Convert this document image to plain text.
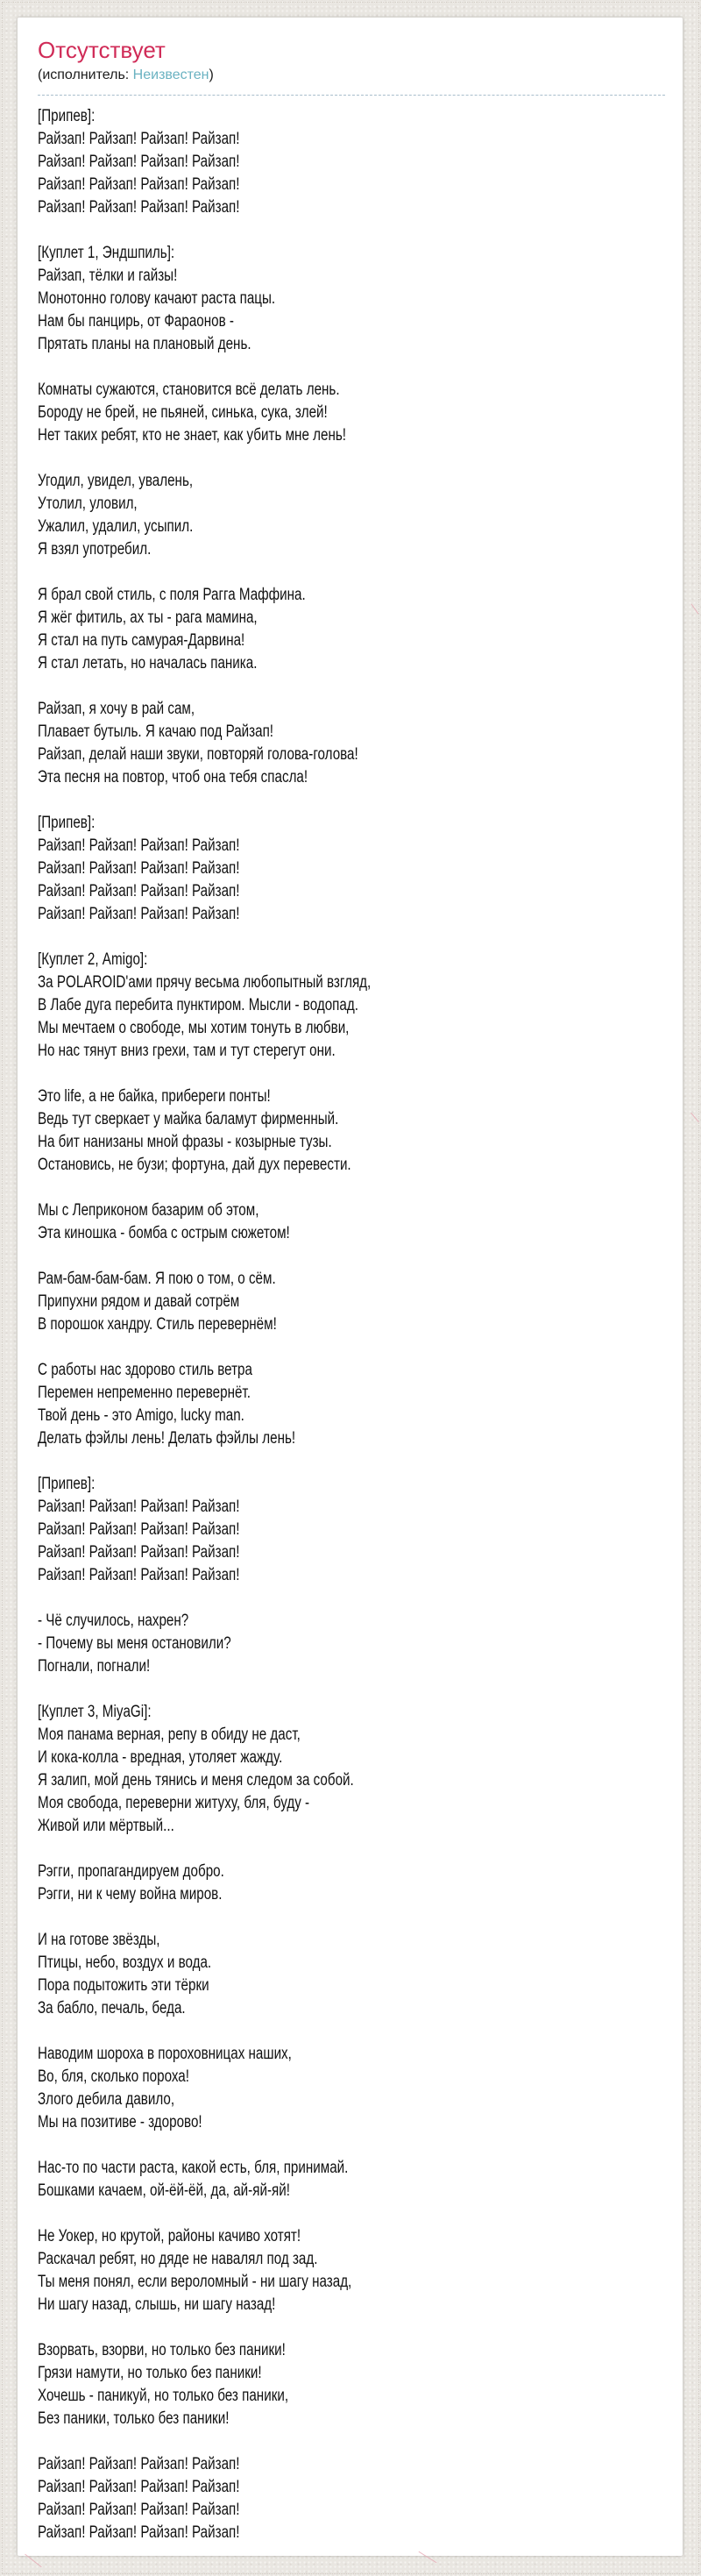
Отсутствует
(исполнитель: Неизвестен)

[Припев]:
Райзап! Райзап! Райзап! Райзап!
Райзап! Райзап! Райзап! Райзап!
Райзап! Райзап! Райзап! Райзап!
Райзап! Райзап! Райзап! Райзап!

[Куплет 1, Эндшпиль]:
Райзап, тёлки и гайзы!
Монотонно голову качают раста пацы.
Нам бы панцирь, от Фараонов -
Прятать планы на плановый день.

Комнаты сужаются, становится всё делать лень.
Бороду не брей, не пьяней, синька, сука, злей!
Нет таких ребят, кто не знает, как убить мне лень!

Угодил, увидел, увалень,
Утолил, уловил,
Ужалил, удалил, усыпил.
Я взял употребил.

Я брал свой стиль, с поля Рагга Маффина.
Я жёг фитиль, ах ты - рага мамина,
Я стал на путь самурая-Дарвина!
Я стал летать, но началась паника.

Райзап, я хочу в рай сам,
Плавает бутыль. Я качаю под Райзап!
Райзап, делай наши звуки, повторяй голова-голова!
Эта песня на повтор, чтоб она тебя спасла!

[Припев]:
Райзап! Райзап! Райзап! Райзап!
Райзап! Райзап! Райзап! Райзап!
Райзап! Райзап! Райзап! Райзап!
Райзап! Райзап! Райзап! Райзап!

[Куплет 2, Amigo]:
За POLAROID'ами прячу весьма любопытный взгляд,
В Лабе дуга перебита пунктиром. Мысли - водопад.
Мы мечтаем о свободе, мы хотим тонуть в любви,
Но нас тянут вниз грехи, там и тут стерегут они.

Это life, а не байка, прибереги понты!
Ведь тут сверкает у майка баламут фирменный.
На бит нанизаны мной фразы - козырные тузы.
Остановись, не бузи; фортуна, дай дух перевести.

Мы с Леприконом базарим об этом,
Эта киношка - бомба с острым сюжетом!

Рам-бам-бам-бам. Я пою о том, о сём.
Припухни рядом и давай сотрём
В порошок хандру. Стиль перевернём!

С работы нас здорово стиль ветра
Перемен непременно перевернёт.
Твой день - это Amigo, lucky man.
Делать фэйлы лень! Делать фэйлы лень!

[Припев]:
Райзап! Райзап! Райзап! Райзап!
Райзап! Райзап! Райзап! Райзап!
Райзап! Райзап! Райзап! Райзап!
Райзап! Райзап! Райзап! Райзап!

- Чё случилось, нахрен?
- Почему вы меня остановили?
Погнали, погнали!

[Куплет 3, MiyaGi]:
Моя панама верная, репу в обиду не даст,
И кока-колла - вредная, утоляет жажду.
Я залип, мой день тянись и меня следом за собой.
Моя свобода, переверни житуху, бля, буду -
Живой или мёртвый...

Рэгги, пропагандируем добро.
Рэгги, ни к чему война миров.

И на готове звёзды,
Птицы, небо, воздух и вода.
Пора подытожить эти тёрки
За бабло, печаль, беда.

Наводим шороха в пороховницах наших,
Во, бля, сколько пороха!
Злого дебила давило,
Мы на позитиве - здорово!

Нас-то по части раста, какой есть, бля, принимай.
Бошками качаем, ой-ёй-ёй, да, ай-яй-яй!

Не Уокер, но крутой, районы качиво хотят!
Раскачал ребят, но дяде не навалял под зад.
Ты меня понял, если вероломный - ни шагу назад,
Ни шагу назад, слышь, ни шагу назад!

Взорвать, взорви, но только без паники!
Грязи намути, но только без паники!
Хочешь - паникуй, но только без паники,
Без паники, только без паники!

Райзап! Райзап! Райзап! Райзап!
Райзап! Райзап! Райзап! Райзап!
Райзап! Райзап! Райзап! Райзап!
Райзап! Райзап! Райзап! Райзап!
